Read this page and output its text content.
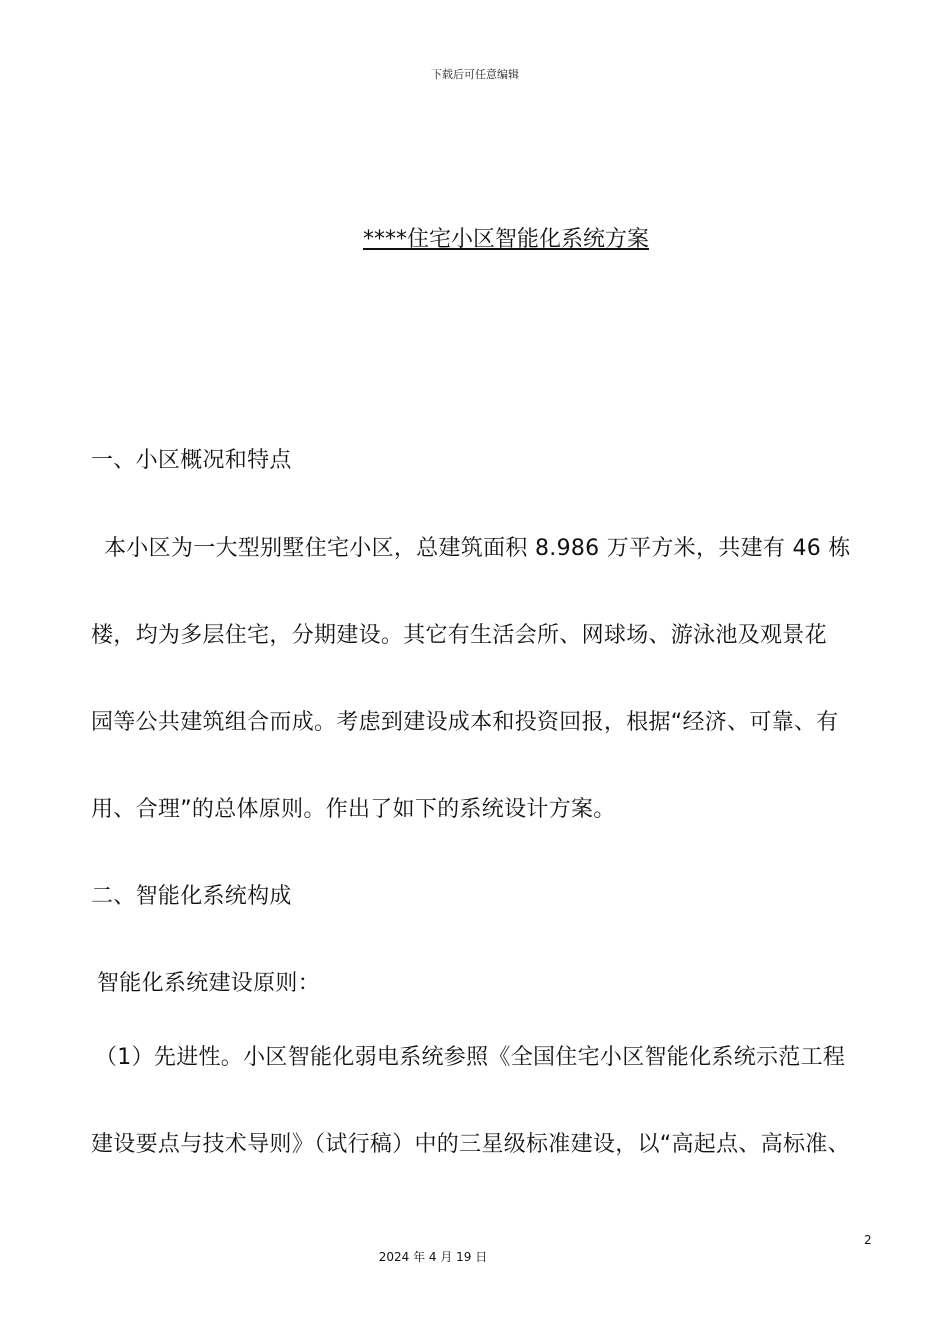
下载后可任意编辑
****住宅小区智能化系统方案
一、小区概况和特点
本小区为一大型别墅住宅小区，总建筑面积 8.986 万平方米，共建有 46 栋
楼，均为多层住宅，分期建设。其它有生活会所、网球场、游泳池及观景花
园等公共建筑组合而成。考虑到建设成本和投资回报，根据“经济、可靠、有
用、合理”的总体原则。作出了如下的系统设计方案。
二、智能化系统构成
智能化系统建设原则：
（1）先进性。小区智能化弱电系统参照《全国住宅小区智能化系统示范工程
建设要点与技术导则》（试行稿）中的三星级标准建设，以“高起点、高标准、
2
2024 年 4 月 19 日
